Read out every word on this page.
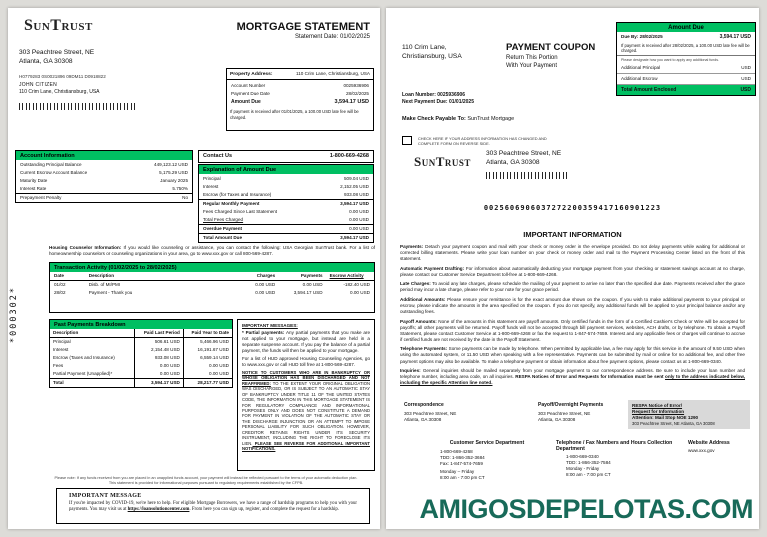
SunTrust
303 Peachtree Street, NE
Atlanta, GA 30308
H0779283 0S0021896 09DM11 D0918822
JOHN CITIZEN
110 Crim Lane, Christiansburg, USA
MORTGAGE STATEMENT
Statement Date: 01/02/2025
Property Address:	110 Crim Lane, Christiansburg, USA
Account Number	0025936906
Payment Due Date	28/02/2025
Amount Due	3,594.17 USD
If payment is received after 01/01/2025, a 100.00 USD late fee will be charged.
Account Information
Outstanding Principal Balance	449,123.12 USD
Current Escrow Account Balance	5,175.29 USD
Maturity Date	January 2025
Interest Rate	5.750%
Prepayment Penalty	No
Contact Us	1-800-669-4268
Explanation of Amount Due
Principal	509.04 USD
Interest	2,152.05 USD
Escrow (for Taxes and Insurance)	933.08 USD
Regular Monthly Payment	3,594.17 USD
Fees Charged Since Last Statement	0.00 USD
Total Fees Charged	0.00 USD
Overdue Payment	0.00 USD
Total Amount Due	3,594.17 USD
*000302*
Housing Counselor Information: If you would like counseling or assistance, you can contact the following: USA Georgian SunTrust bank. For a list of homeownership counselors or counseling organizations in your area, go to www.xxx.gov or call 800-569-4287.
Transaction Activity (01/02/2025 to 28/02/2025)
Date	Description	Charges	Payments	Escrow Activity
01/02	Disb. of MI/PMI	0.00 USD	0.00 USD	-182.40 USD
28/02	Payment - Thank you	0.00 USD	3,594.17 USD	0.00 USD
Past Payments Breakdown
Description	Paid Last Period	Paid Year to Date
Principal	506.61 USD	5,466.96 USD
Interest	2,154.48 USD	16,191.67 USD
Escrow (Taxes and Insurance)	933.08 USD	6,559.14 USD
Fees	0.00 USD	0.00 USD
Partial Payment (Unapplied)*	0.00 USD	0.00 USD
Total	3,594.17 USD	28,217.77 USD
IMPORTANT MESSAGES:
* Partial payments: Any partial payments that you make are not applied to your mortgage, but instead are held in a separate suspense account. If you pay the balance of a partial payment, the funds will then be applied to your mortgage.
For a list of HUD approved Housing Counseling Agencies, go to www.xxx.gov or call HUD toll free at 1-800-569-4287.
NOTICE TO CUSTOMERS WHO ARE IN BANKRUPTCY OR WHOSE OBLIGATION HAS BEEN DISCHARGED AND NOT REAFFIRMED: TO THE EXTENT YOUR ORIGINAL OBLIGATION WAS DISCHARGED, OR IS SUBJECT TO AN AUTOMATIC STAY OF BANKRUPTCY UNDER TITLE 11 OF THE UNITED STATES CODE, THE INFORMATION IN THIS MORTGAGE STATEMENT IS FOR REGULATORY COMPLIANCE AND INFORMATIONAL PURPOSES ONLY AND DOES NOT CONSTITUTE A DEMAND FOR PAYMENT IN VIOLATION OF THE AUTOMATIC STAY OR THE DISCHARGE INJUNCTION OR AN ATTEMPT TO IMPOSE PERSONAL LIABILITY FOR SUCH OBLIGATION. HOWEVER, CREDITOR RETAINS RIGHTS UNDER ITS SECURITY INSTRUMENT, INCLUDING THE RIGHT TO FORECLOSE ITS LIEN. PLEASE SEE REVERSE FOR ADDITIONAL IMPORTANT NOTIFICATIONS.
Please note: If any funds received from you are placed in an unapplied funds account, your payment will instead be reflected pursuant to the terms of your automatic deduction plan.
This statement is provided for informational purposes pursuant to regulatory requirements established by the CFPB.
IMPORTANT MESSAGE
If you're impacted by COVID-19, we're here to help. For eligible Mortgage Borrowers, we have a range of hardship programs to help you with your payments. You may visit us at https://loansolutioncenter.com. From here you can sign up, register, and complete the request for a hardship.
110 Crim Lane,
Christiansburg, USA
PAYMENT COUPON
Return This Portion
With Your Payment
Loan Number: 0025936906
Next Payment Due: 01/01/2025
Amount Due
Due By: 28/02/2025	3,594.17 USD
If payment is received after 28/02/2025, a 100.00 USD late fee will be charged.
Please designate how you want to apply any additional funds.
Additional Principal	USD
Additional Escrow	USD
Total Amount Enclosed	USD
Make Check Payable To: SunTrust Mortgage
CHECK HERE IF YOUR ADDRESS INFORMATION HAS CHANGED AND COMPLETE FORM ON REVERSE SIDE.
SunTrust
303 Peachtree Street, NE
Atlanta, GA 30308
0025606906037272200359417160901223
IMPORTANT INFORMATION
Payments: Detach your payment coupon and mail with your check or money order in the envelope provided. Do not delay payments while waiting for additional or corrected billing statements. Please write your loan number on your check or money order and mail to the Payment Processing Center listed on the front of this statement.
Automatic Payment Drafting: For information about automatically deducting your mortgage payment from your checking or statement savings account at no charge, please contact our Customer Service Department toll-free at 1-800-669-4268.
Late Charges: To avoid any late charges, please schedule the mailing of your payment to arrive no later than the specified due date. Payments received after the grace period may incur a late charge, please refer to your note for your grace period.
Additional Amounts: Please ensure your remittance is for the exact amount due shown on the coupon. If you wish to make additional payments to your principal or escrow, please indicate the amounts in the area specified on the coupon. If you do not specify, any additional funds will be applied to your principal balance and/or any outstanding fees.
Payoff Amounts: None of the amounts in this statement are payoff amounts. Only certified funds in the form of a Certified Cashier's Check or Wire will be accepted for payoffs; all other payments will be returned. Payoff funds will not be accepted through bill payment services, websites, ACH drafts, or by telephone. To obtain a Payoff Statement, please contact Customer Service at 1-800-669-4268 or fax the request to 1-847-574-7659. Interest and any applicable fees or charges will continue to accrue if certified funds are not received by the date in the Payoff Statement.
Telephone Payments: Some payments can be made by telephone. When permitted by applicable law, a fee may apply for this service in the amount of 9.50 USD when using the automated system, or 11.50 USD when speaking with a fee representative. Payments can be submitted by mail or online for no additional fee, and other free payment options may also be available. To make a telephone payment or obtain information about free payment options, please contact us at 1-800-669-0340.
Inquiries: General inquiries should be mailed separately from your mortgage payment to our correspondence address. Be sure to include your loan number and telephone number, including area code, on all inquiries. RESPA Notices of Error and Requests for Information must be sent only to the address indicated below, including the specific Attention line noted.
Correspondence
303 Peachtree Street, NE
Atlanta, GA 30308
Payoff/Overnight Payments
303 Peachtree Street, NE
Atlanta, GA 30308
RESPA Notice of Error/
Request for Information
Attention: Mail Stop NOE 1290
303 Peachtree Street, NE Atlanta, GA 30308
Customer Service Department
1-800-669-4268
TDD: 1-866-352-3684
Fax: 1-847-574-7659
Monday – Friday
8:00 am - 7:00 pm CT
Telephone / Fax Numbers and Hours Collection Department
1-800-669-0340
TDD: 1-866-352-7584
Monday - Friday
8:00 am - 7:00 pm CT
Website Address
www.xxx.gov
AMIGOSDEPELOTAS.COM
